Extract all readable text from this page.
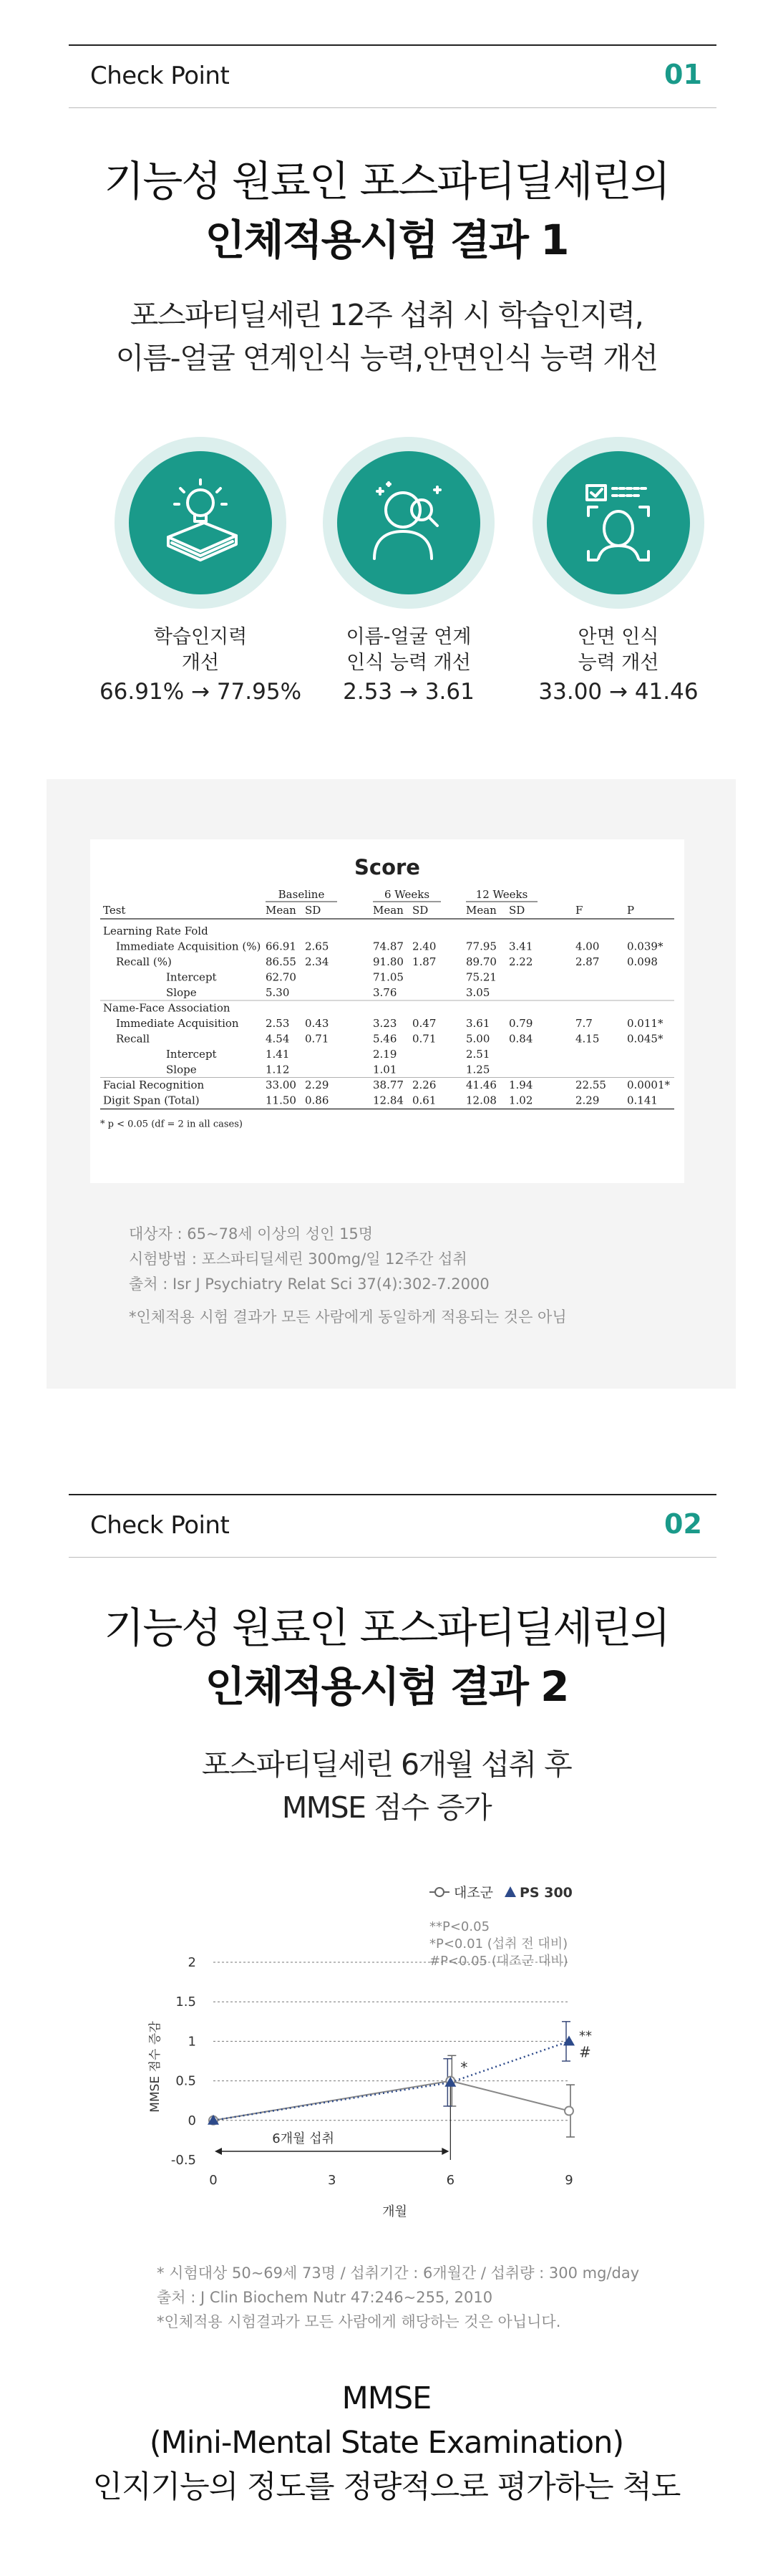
Check Point	01
기능성 원료인 포스파티딜세린의
인체적용시험 결과 1
포스파티딜세린 12주 섭취 시 학습인지력,
이름-얼굴 연계인식 능력,안면인식 능력 개선
학습인지력
개선
66.91% → 77.95%
이름-얼굴 연계
인식 능력 개선
2.53 → 3.61
안면 인식
능력 개선
33.00 → 41.46
Score
Baseline	6 Weeks	12 Weeks
Test	Mean SD	Mean SD	Mean SD	F	P
Learning Rate Fold
Immediate Acquisition (%) 66.91 2.65	74.87 2.40	77.95 3.41	4.00	0.039*
Recall (%)	86.55 2.34	91.80 1.87	89.70 2.22	2.87	0.098
Intercept	62.70	71.05	75.21
Slope	5.30	3.76	3.05
Name-Face Association
Immediate Acquisition 2.53 0.43	3.23 0.47	3.61 0.79	7.7	0.011*
Recall	4.54 0.71	5.46 0.71	5.00 0.84	4.15	0.045*
Intercept	1.41	2.19	2.51
Slope	1.12	1.01	1.25
Facial Recognition	33.00 2.29	38.77 2.26	41.46 1.94	22.55 0.0001*
Digit Span (Total)	11.50 0.86	12.84 0.61	12.08 1.02	2.29	0.141
* p < 0.05 (df = 2 in all cases)
대상자 : 65~78세 이상의 성인 15명
시험방법 : 포스파티딜세린 300mg/일 12주간 섭취
출처 : Isr J Psychiatry Relat Sci 37(4):302-7.2000
*인체적용 시험 결과가 모든 사람에게 동일하게 적용되는 것은 아님
Check Point	02
기능성 원료인 포스파티딜세린의
인체적용시험 결과 2
포스파티딜세린 6개월 섭취 후
MMSE 점수 증가
대조군 PS 300
**P<0.05
*P<0.01 (섭취 전 대비)
#P<0.05 (대조군 대비)
2
1.5
1
0.5
0
-0.5
0	3	6	9
개월
MMSE 점수 증감
6개월 섭취
*
**
#
* 시험대상 50~69세 73명 / 섭취기간 : 6개월간 / 섭취량 : 300 mg/day
출처 : J Clin Biochem Nutr 47:246~255, 2010
*인체적용 시험결과가 모든 사람에게 해당하는 것은 아닙니다.
MMSE
(Mini-Mental State Examination)
인지기능의 정도를 정량적으로 평가하는 척도
